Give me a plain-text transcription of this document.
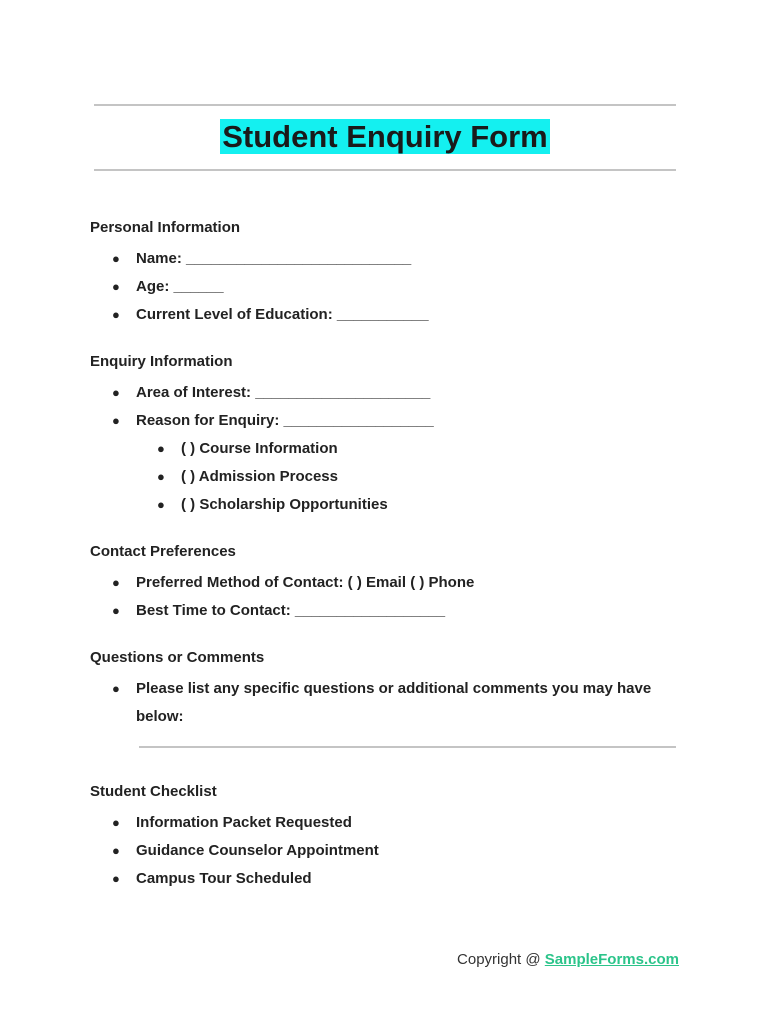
Student Enquiry Form
Personal Information
● Name: ___________________________
● Age: ______
● Current Level of Education: ___________
Enquiry Information
● Area of Interest: _____________________
● Reason for Enquiry: __________________
● ( ) Course Information
● ( ) Admission Process
● ( ) Scholarship Opportunities
Contact Preferences
● Preferred Method of Contact: ( ) Email ( ) Phone
● Best Time to Contact: __________________
Questions or Comments
● Please list any specific questions or additional comments you may have
below:
Student Checklist
● Information Packet Requested
● Guidance Counselor Appointment
● Campus Tour Scheduled
Copyright @ SampleForms.com
